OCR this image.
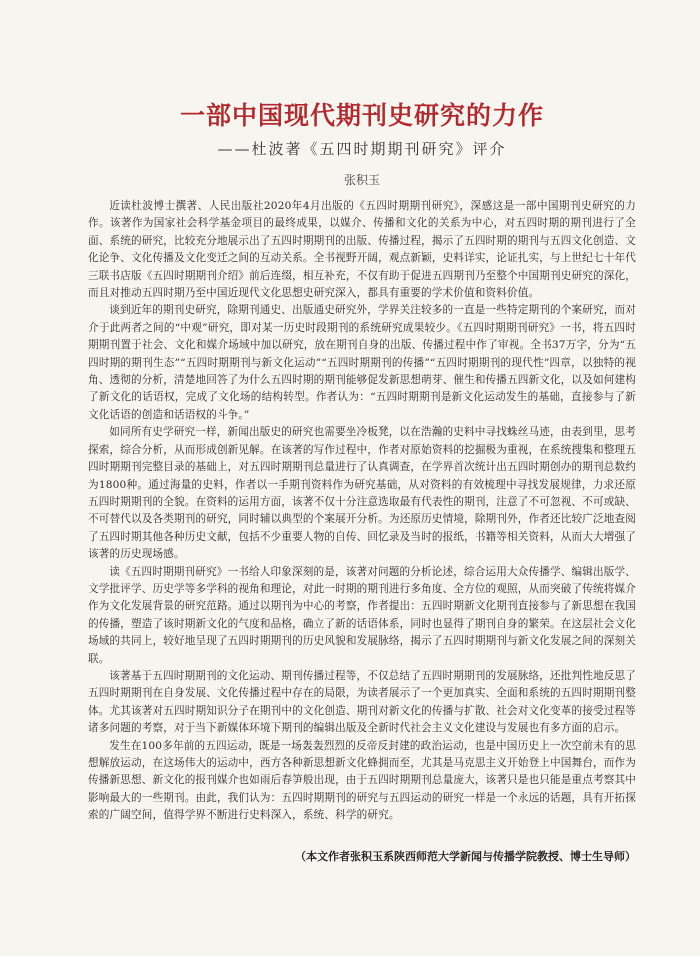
一部中国现代期刊史研究的力作
——杜波著《五四时期期刊研究》评介
张积玉

近读杜波博士撰著、人民出版社2020年4月出版的《五四时期期刊研究》，深感这是一部中国期刊史研究的力作。该著作为国家社会科学基金项目的最终成果，以媒介、传播和文化的关系为中心，对五四时期的期刊进行了全面、系统的研究，比较充分地展示出了五四时期期刊的出版、传播过程，揭示了五四时期的期刊与五四文化创造、文化论争、文化传播及文化变迁之间的互动关系。全书视野开阔，观点新颖，史料详实，论证扎实，与上世纪七十年代三联书店版《五四时期期刊介绍》前后连缀，相互补充，不仅有助于促进五四期刊乃至整个中国期刊史研究的深化，而且对推动五四时期乃至中国近现代文化思想史研究深入，都具有重要的学术价值和资料价值。

谈到近年的期刊史研究，除期刊通史、出版通史研究外，学界关注较多的一直是一些特定期刊的个案研究，而对介于此两者之间的“中观”研究，即对某一历史时段期刊的系统研究成果较少。《五四时期期刊研究》一书，将五四时期期刊置于社会、文化和媒介场域中加以研究，放在期刊自身的出版、传播过程中作了审视。全书37万字，分为“五四时期的期刊生态”“五四时期期刊与新文化运动”“五四时期期刊的传播”“五四时期期刊的现代性”四章，以独特的视角、透彻的分析，清楚地回答了为什么五四时期的期刊能够促发新思想萌芽、催生和传播五四新文化，以及如何建构了新文化的话语权，完成了文化场的结构转型。作者认为：“五四时期期刊是新文化运动发生的基础，直接参与了新文化话语的创造和话语权的斗争。”

如同所有史学研究一样，新闻出版史的研究也需要坐冷板凳，以在浩瀚的史料中寻找蛛丝马迹，由表到里，思考探索，综合分析，从而形成创新见解。在该著的写作过程中，作者对原始资料的挖掘极为重视，在系统搜集和整理五四时期期刊完整目录的基础上，对五四时期期刊总量进行了认真调查，在学界首次统计出五四时期创办的期刊总数约为1800种。通过海量的史料，作者以一手期刊资料作为研究基础，从对资料的有效梳理中寻找发展规律，力求还原五四时期期刊的全貌。在资料的运用方面，该著不仅十分注意选取最有代表性的期刊，注意了不可忽视、不可或缺、不可替代以及各类期刊的研究，同时辅以典型的个案展开分析。为还原历史情境，除期刊外，作者还比较广泛地查阅了五四时期其他各种历史文献，包括不少重要人物的自传、回忆录及当时的报纸，书籍等相关资料，从而大大增强了该著的历史现场感。

读《五四时期期刊研究》一书给人印象深刻的是，该著对问题的分析论述，综合运用大众传播学、编辑出版学、文学批评学、历史学等多学科的视角和理论，对此一时期的期刊进行多角度、全方位的观照，从而突破了传统将媒介作为文化发展背景的研究范路。通过以期刊为中心的考察，作者提出：五四时期新文化期刊直接参与了新思想在我国的传播，塑造了该时期新文化的气度和品格，确立了新的话语体系，同时也显得了期刊自身的繁荣。在这层社会文化场域的共同上，较好地呈现了五四时期期刊的历史风貌和发展脉络，揭示了五四时期期刊与新文化发展之间的深刻关联。

该著基于五四时期期刊的文化运动、期刊传播过程等，不仅总结了五四时期期刊的发展脉络，还批判性地反思了五四时期期刊在自身发展、文化传播过程中存在的局限，为读者展示了一个更加真实、全面和系统的五四时期期刊整体。尤其该著对五四时期知识分子在期刊中的文化创造、期刊对新文化的传播与扩散、社会对文化变革的接受过程等诸多问题的考察，对于当下新媒体环境下期刊的编辑出版及全新时代社会主义文化建设与发展也有多方面的启示。

发生在100多年前的五四运动，既是一场轰轰烈烈的反帝反封建的政治运动，也是中国历史上一次空前未有的思想解放运动，在这场伟大的运动中，西方各种新思想新文化蜂拥而至，尤其是马克思主义开始登上中国舞台，而作为传播新思想、新文化的报刊媒介也如雨后春笋般出现，由于五四时期期刊总量庞大，该著只是也只能是重点考察其中影响最大的一些期刊。由此，我们认为：五四时期期刊的研究与五四运动的研究一样是一个永远的话题，具有开拓探索的广阔空间，值得学界不断进行史料深入，系统、科学的研究。

（本文作者张积玉系陕西师范大学新闻与传播学院教授、博士生导师）
